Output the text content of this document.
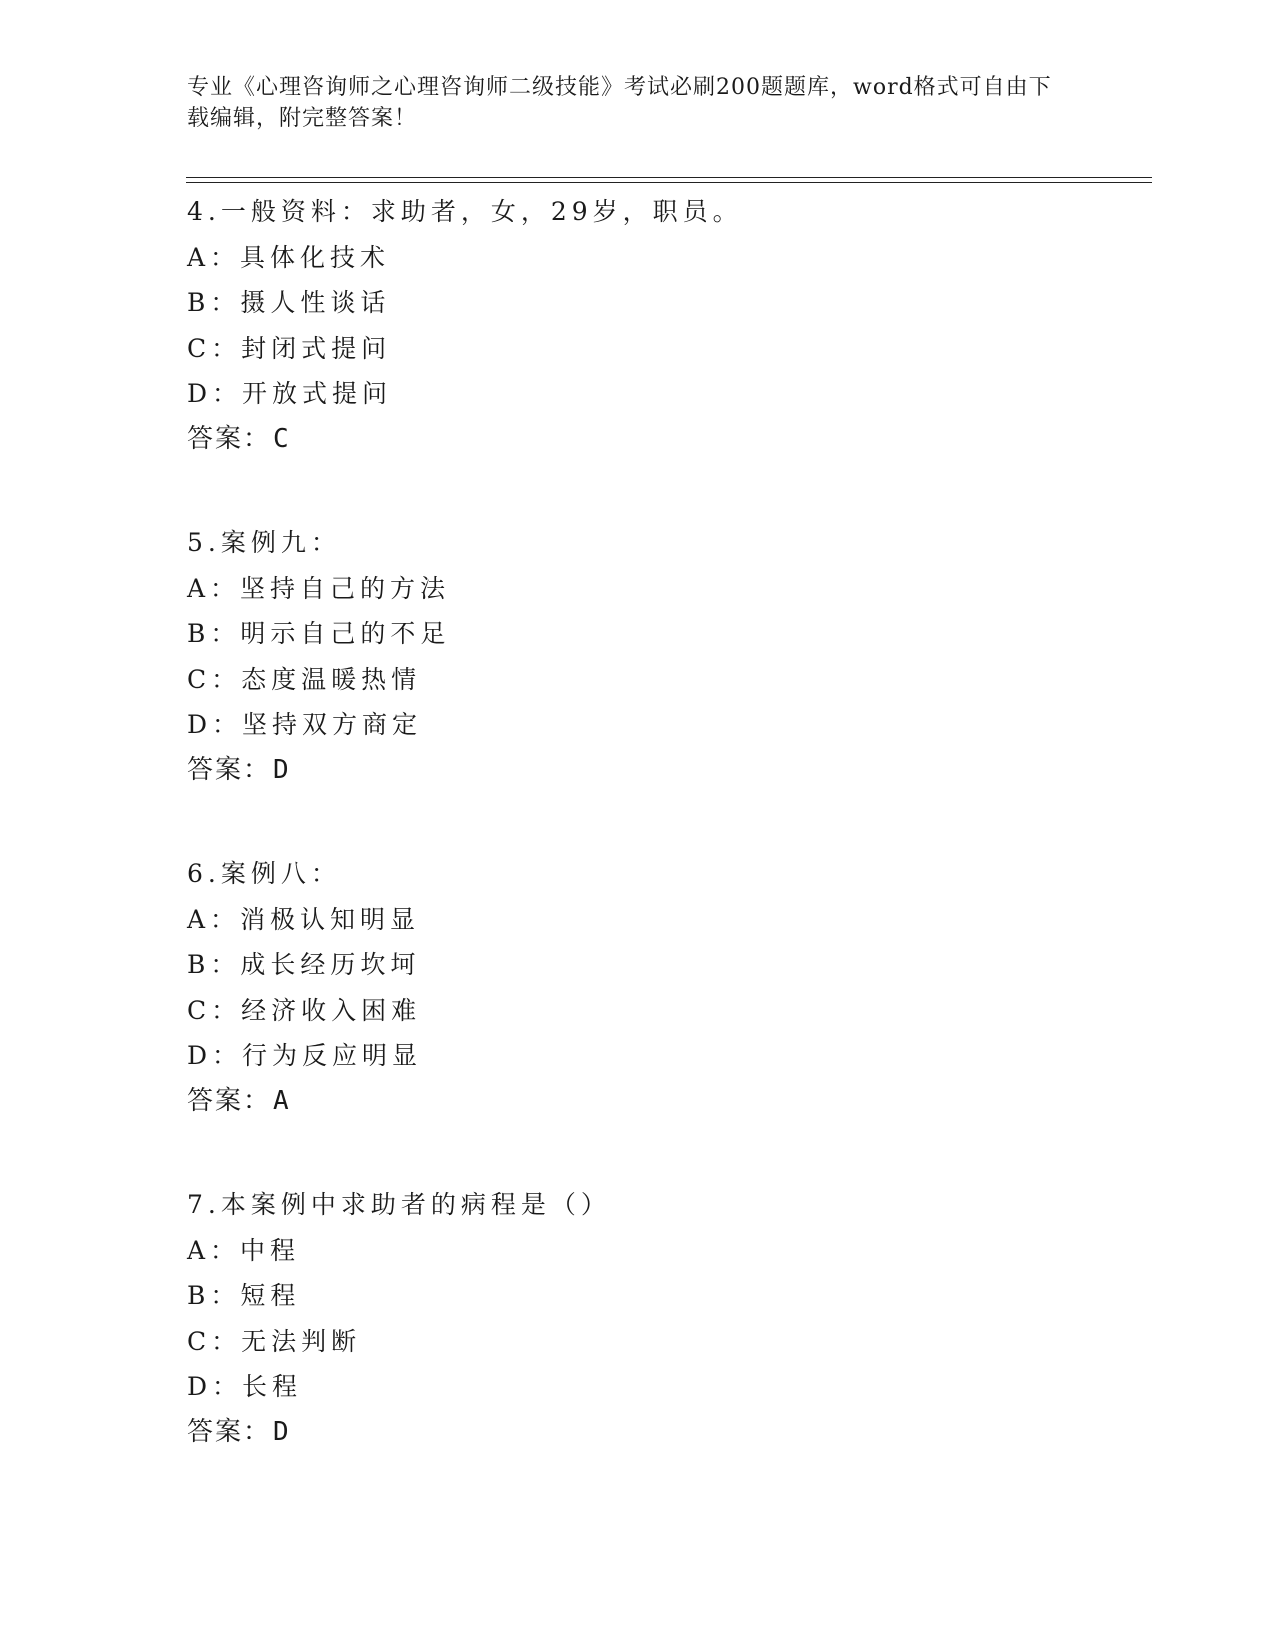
专业《心理咨询师之心理咨询师二级技能》考试必刷200题题库，word格式可自由下载编辑，附完整答案！
4.一般资料：求助者，女，29岁，职员。
A：具体化技术
B：摄人性谈话
C：封闭式提问
D：开放式提问
答案：C
5.案例九：
A：坚持自己的方法
B：明示自己的不足
C：态度温暖热情
D：坚持双方商定
答案：D
6.案例八：
A：消极认知明显
B：成长经历坎坷
C：经济收入困难
D：行为反应明显
答案：A
7.本案例中求助者的病程是（）
A：中程
B：短程
C：无法判断
D：长程
答案：D
